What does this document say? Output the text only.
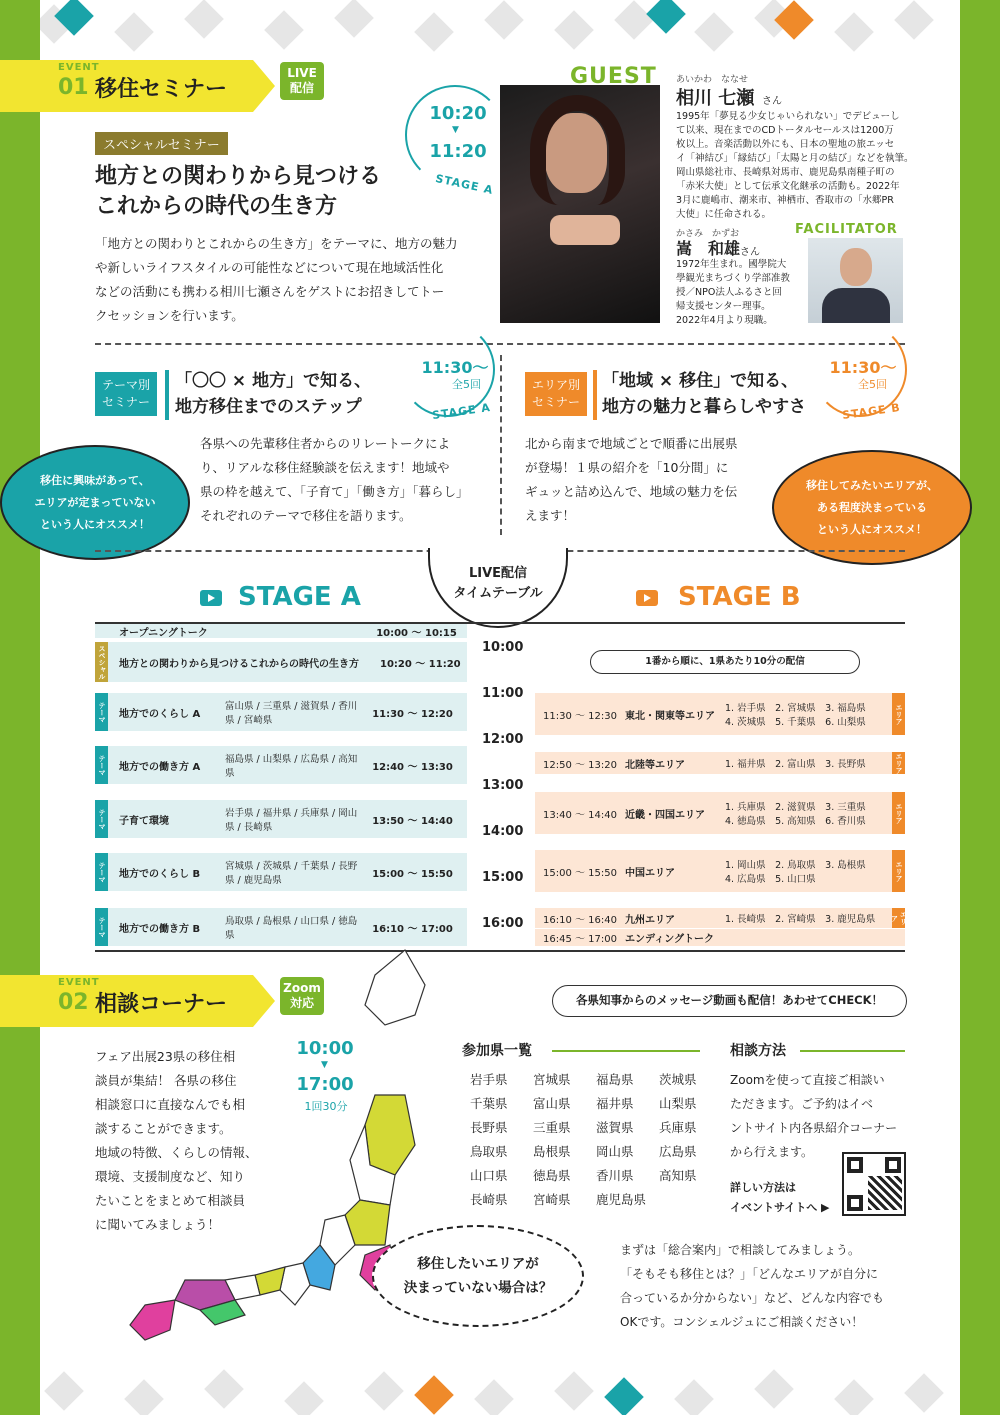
EVENT
01 移住セミナー
LIVE
配信
10:20
▼
11:20
STAGE A
スペシャルセミナー
地方との関わりから見つける
これからの時代の生き方
「地方との関わりとこれからの生き方」をテーマに、地方の魅力
や新しいライフスタイルの可能性などについて現在地域活性化
などの活動にも携わる相川七瀬さんをゲストにお招きしてトー
クセッションを行います。
GUEST あいかわ　ななせ
相川 七瀬 さん
1995年「夢見る少女じゃいられない」でデビューし
て以来、現在までのCDトータルセールスは1200万
枚以上。音楽活動以外にも、日本の聖地の旅エッセ
イ「神結び」「縁結び」「太陽と月の結び」などを執筆。
岡山県総社市、長崎県対馬市、鹿児島県南種子町の
「赤米大使」として伝承文化継承の活動も。2022年
3月に鹿嶋市、潮来市、神栖市、香取市の「水郷PR
大使」に任命される。
FACILITATOR
かさみ　かずお
嵩　和雄 さん
1972年生まれ。國學院大
學観光まちづくり学部准教
授／NPO法人ふるさと回
帰支援センター理事。
2022年4月より現職。
テーマ別
セミナー
「〇〇 × 地方」で知る、
地方移住までのステップ
11:30～
全5回
STAGE A
各県への先輩移住者からのリレートークによ
り、リアルな移住経験談を伝えます！地域や
県の枠を越えて、「子育て」「働き方」「暮らし」
それぞれのテーマで移住を語ります。
移住に興味があって、
エリアが定まっていない
という人にオススメ！
エリア別
セミナー
「地域 × 移住」で知る、
地方の魅力と暮らしやすさ
11:30～
全5回
STAGE B
北から南まで地域ごとで順番に出展県
が登場！１県の紹介を「10分間」に
ギュッと詰め込んで、地域の魅力を伝
えます！
移住してみたいエリアが、
ある程度決まっている
という人にオススメ！
LIVE配信
タイムテーブル
STAGE A	STAGE B
10:00
11:00
12:00
13:00
14:00
15:00
16:00
オープニングトーク	10:00 ～ 10:15
スペシャル 地方との関わりから見つけるこれからの時代の生き方	10:20 ～ 11:20
テーマ 地方でのくらし A
富山県 / 三重県 / 滋賀県 / 香川県 / 宮崎県
11:30 ～ 12:20
テーマ 地方での働き方 A
福島県 / 山梨県 / 広島県 / 高知県
12:40 ～ 13:30
テーマ 子育て環境
岩手県 / 福井県 / 兵庫県 / 岡山県 / 長崎県
13:50 ～ 14:40
テーマ 地方でのくらし B
宮城県 / 茨城県 / 千葉県 / 長野県 / 鹿児島県
15:00 ～ 15:50
テーマ 地方での働き方 B
鳥取県 / 島根県 / 山口県 / 徳島県
16:10 ～ 17:00
1番から順に、1県あたり10分の配信
11:30 ～ 12:30 東北・関東等エリア
1. 岩手県　2. 宮城県　3. 福島県
4. 茨城県　5. 千葉県　6. 山梨県	エリア
12:50 ～ 13:20 北陸等エリア	1. 福井県　2. 富山県　3. 長野県	エリア
13:40 ～ 14:40 近畿・四国エリア
1. 兵庫県　2. 滋賀県　3. 三重県
4. 徳島県　5. 高知県　6. 香川県	エリア
15:00 ～ 15:50 中国エリア
1. 岡山県　2. 鳥取県　3. 島根県
4. 広島県　5. 山口県	エリア
16:10 ～ 16:40 九州エリア	1. 長崎県　2. 宮崎県　3. 鹿児島県	エリア
16:45 ～ 17:00 エンディングトーク
EVENT
02 相談コーナー
Zoom
対応
10:00
▼
17:00
1回30分
フェア出展23県の移住相
談員が集結！ 各県の移住
相談窓口に直接なんでも相
談することができます。
地域の特徴、くらしの情報、
環境、支援制度など、知り
たいことをまとめて相談員
に聞いてみましょう！
各県知事からのメッセージ動画も配信！あわせてCHECK！
参加県一覧
岩手県	宮城県	福島県	茨城県
千葉県	富山県	福井県	山梨県
長野県	三重県	滋賀県	兵庫県
鳥取県	島根県	岡山県	広島県
山口県	徳島県	香川県	高知県
長崎県	宮崎県	鹿児島県
相談方法
Zoomを使って直接ご相談い
ただきます。ご予約はイベ
ントサイト内各県紹介コーナー
から行えます。
詳しい方法は
イベントサイトへ ▶
移住したいエリアが
決まっていない場合は？
まずは「総合案内」で相談してみましょう。
「そもそも移住とは？」「どんなエリアが自分に
合っているか分からない」など、どんな内容でも
OKです。コンシェルジュにご相談ください！
